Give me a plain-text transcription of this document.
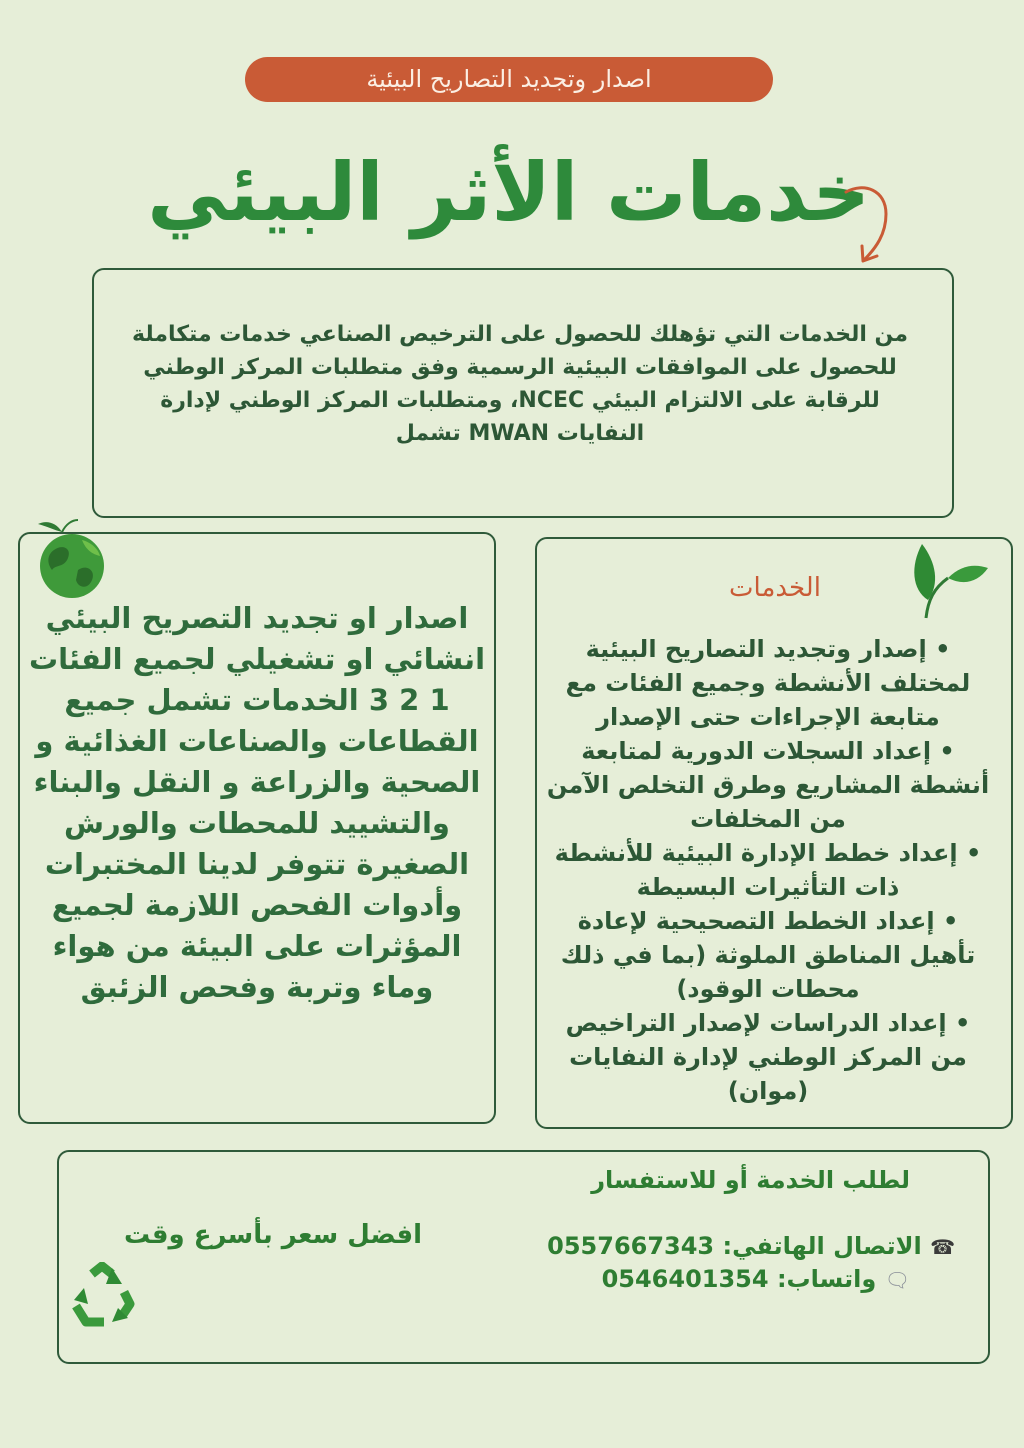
اصدار وتجديد التصاريح البيئية
خدمات الأثر البيئي
من الخدمات التي تؤهلك للحصول على الترخيص الصناعي خدمات متكاملة للحصول على الموافقات البيئية الرسمية وفق متطلبات المركز الوطني للرقابة على الالتزام البيئي NCEC، ومتطلبات المركز الوطني لإدارة النفايات MWAN تشمل
اصدار او تجديد التصريح البيئي انشائي او تشغيلي لجميع الفئات 1 2 3 الخدمات تشمل جميع القطاعات والصناعات الغذائية و الصحية والزراعة و النقل والبناء والتشييد للمحطات والورش الصغيرة تتوفر لدينا المختبرات وأدوات الفحص اللازمة لجميع المؤثرات على البيئة من هواء وماء وتربة وفحص الزئبق
الخدمات
• إصدار وتجديد التصاريح البيئية لمختلف الأنشطة وجميع الفئات مع متابعة الإجراءات حتى الإصدار
• إعداد السجلات الدورية لمتابعة أنشطة المشاريع وطرق التخلص الآمن من المخلفات
• إعداد خطط الإدارة البيئية للأنشطة ذات التأثيرات البسيطة
• إعداد الخطط التصحيحية لإعادة تأهيل المناطق الملوثة (بما في ذلك محطات الوقود)
• إعداد الدراسات لإصدار التراخيص من المركز الوطني لإدارة النفايات (موان)
لطلب الخدمة أو للاستفسار
☎ الاتصال الهاتفي: 0557667343
🗨 واتساب: 0546401354
افضل سعر بأسرع وقت
